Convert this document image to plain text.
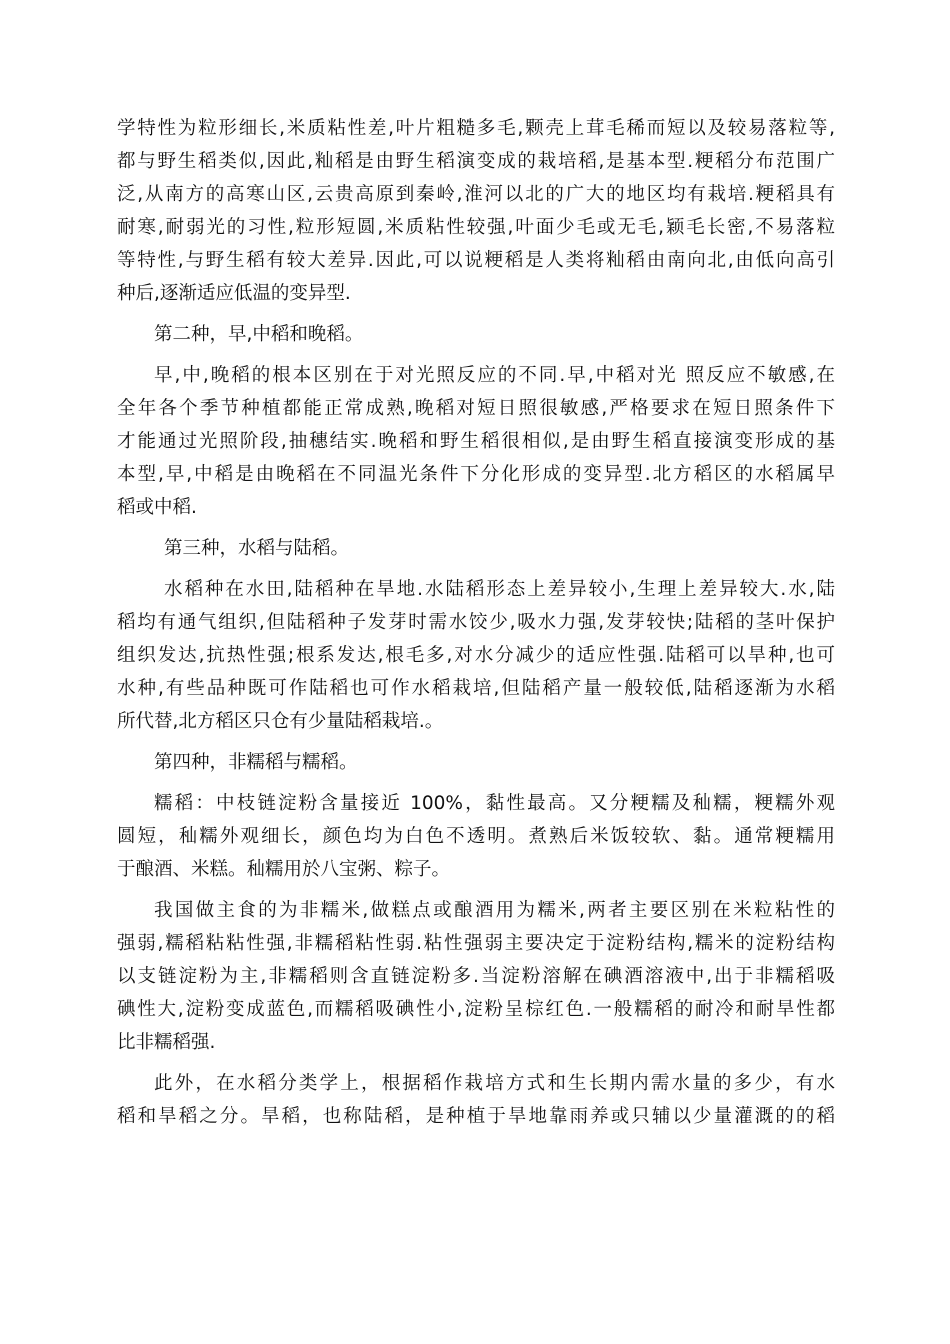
学特性为粒形细长,米质粘性差,叶片粗糙多毛,颗壳上茸毛稀而短以及较易落粒等,
都与野生稻类似,因此,籼稻是由野生稻演变成的栽培稻,是基本型.粳稻分布范围广
泛,从南方的高寒山区,云贵高原到秦岭,淮河以北的广大的地区均有栽培.粳稻具有
耐寒,耐弱光的习性,粒形短圆,米质粘性较强,叶面少毛或无毛,颖毛长密,不易落粒
等特性,与野生稻有较大差异.因此,可以说粳稻是人类将籼稻由南向北,由低向高引
种后,逐渐适应低温的变异型.
第二种，早,中稻和晚稻。
早,中,晚稻的根本区别在于对光照反应的不同.早,中稻对光 照反应不敏感,在
全年各个季节种植都能正常成熟,晚稻对短日照很敏感,严格要求在短日照条件下
才能通过光照阶段,抽穗结实.晚稻和野生稻很相似,是由野生稻直接演变形成的基
本型,早,中稻是由晚稻在不同温光条件下分化形成的变异型.北方稻区的水稻属早
稻或中稻.
第三种，水稻与陆稻。
水稻种在水田,陆稻种在旱地.水陆稻形态上差异较小,生理上差异较大.水,陆
稻均有通气组织,但陆稻种子发芽时需水饺少,吸水力强,发芽较快;陆稻的茎叶保护
组织发达,抗热性强;根系发达,根毛多,对水分减少的适应性强.陆稻可以旱种,也可
水种,有些品种既可作陆稻也可作水稻栽培,但陆稻产量一般较低,陆稻逐渐为水稻
所代替,北方稻区只仓有少量陆稻栽培.。
第四种，非糯稻与糯稻。
糯稻：中枝链淀粉含量接近 100%，黏性最高。又分粳糯及秈糯，粳糯外观
圆短，秈糯外观细长，颜色均为白色不透明。煮熟后米饭较软、黏。通常粳糯用
于酿酒、米糕。秈糯用於八宝粥、粽子。
我国做主食的为非糯米,做糕点或酿酒用为糯米,两者主要区别在米粒粘性的
强弱,糯稻粘粘性强,非糯稻粘性弱.粘性强弱主要决定于淀粉结构,糯米的淀粉结构
以支链淀粉为主,非糯稻则含直链淀粉多.当淀粉溶解在碘酒溶液中,出于非糯稻吸
碘性大,淀粉变成蓝色,而糯稻吸碘性小,淀粉呈棕红色.一般糯稻的耐冷和耐旱性都
比非糯稻强.
此外，在水稻分类学上，根据稻作栽培方式和生长期内需水量的多少，有水
稻和旱稻之分。旱稻，也称陆稻，是种植于旱地靠雨养或只辅以少量灌溉的的稻
